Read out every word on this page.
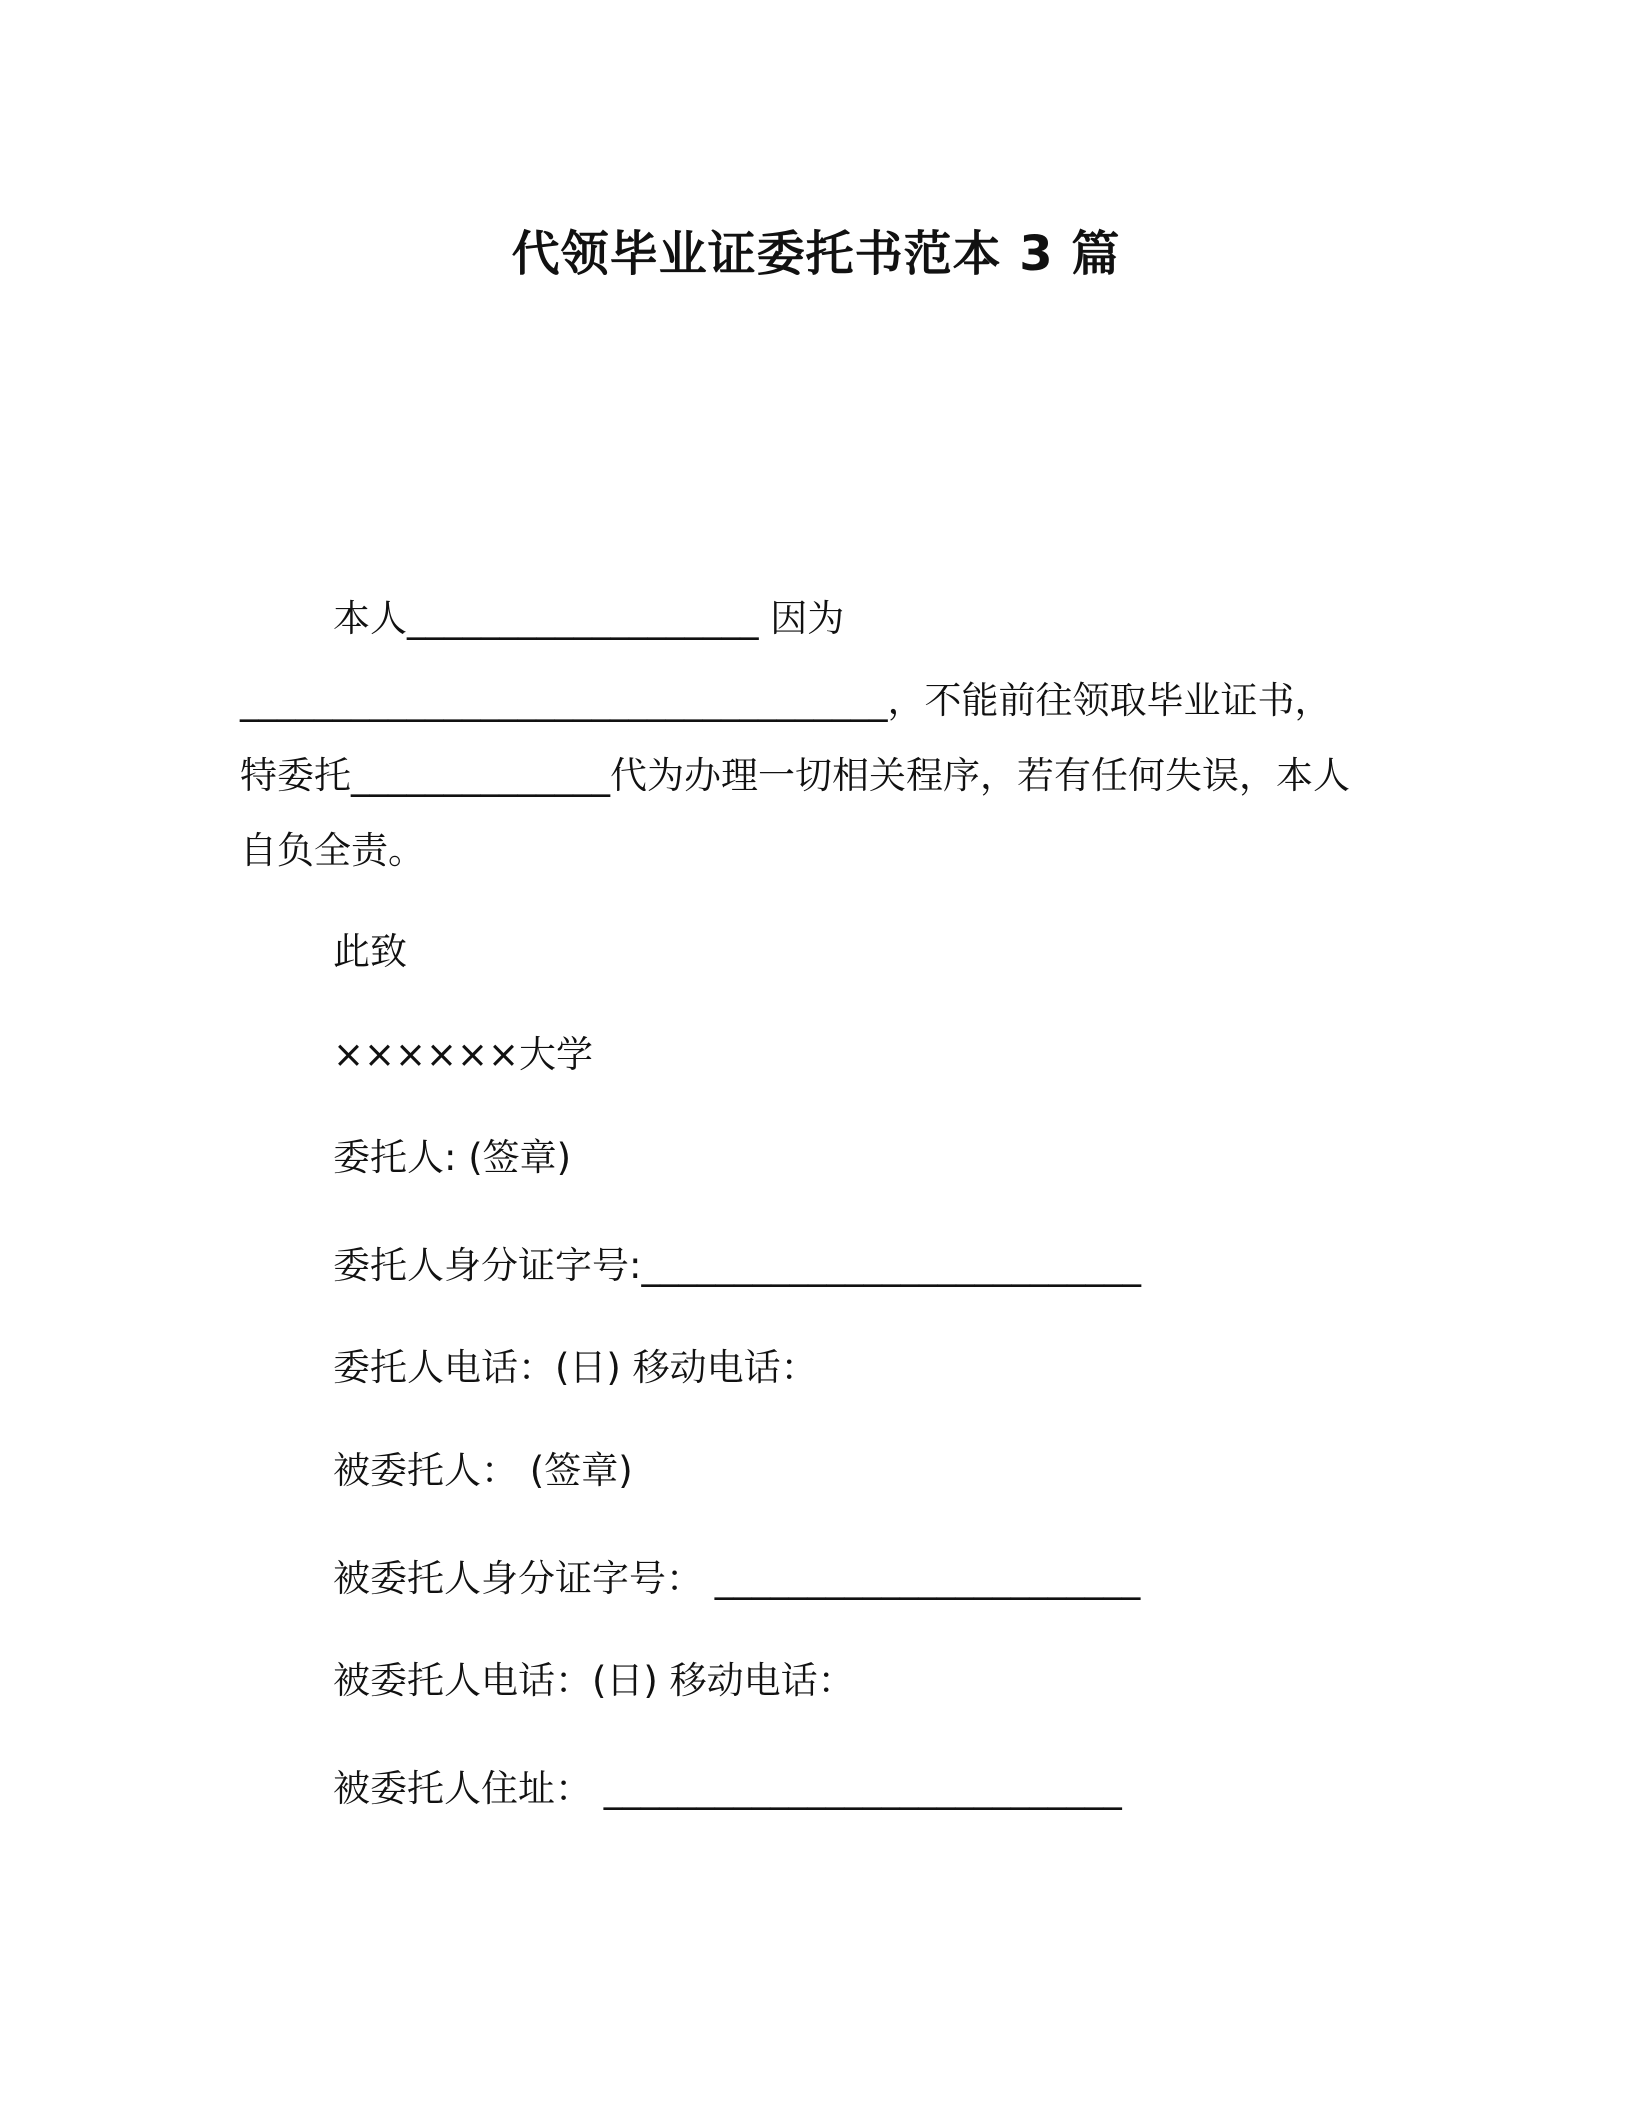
代领毕业证委托书范本 3 篇
本人___________________ 因为
___________________________________，不能前往领取毕业证书，
特委托______________代为办理一切相关程序，若有任何失误，本人
自负全责。
此致
××××××大学
委托人: (签章)
委托人身分证字号:___________________________
委托人电话：(日) 移动电话：
被委托人： (签章)
被委托人身分证字号： _______________________
被委托人电话：(日) 移动电话：
被委托人住址： ____________________________
